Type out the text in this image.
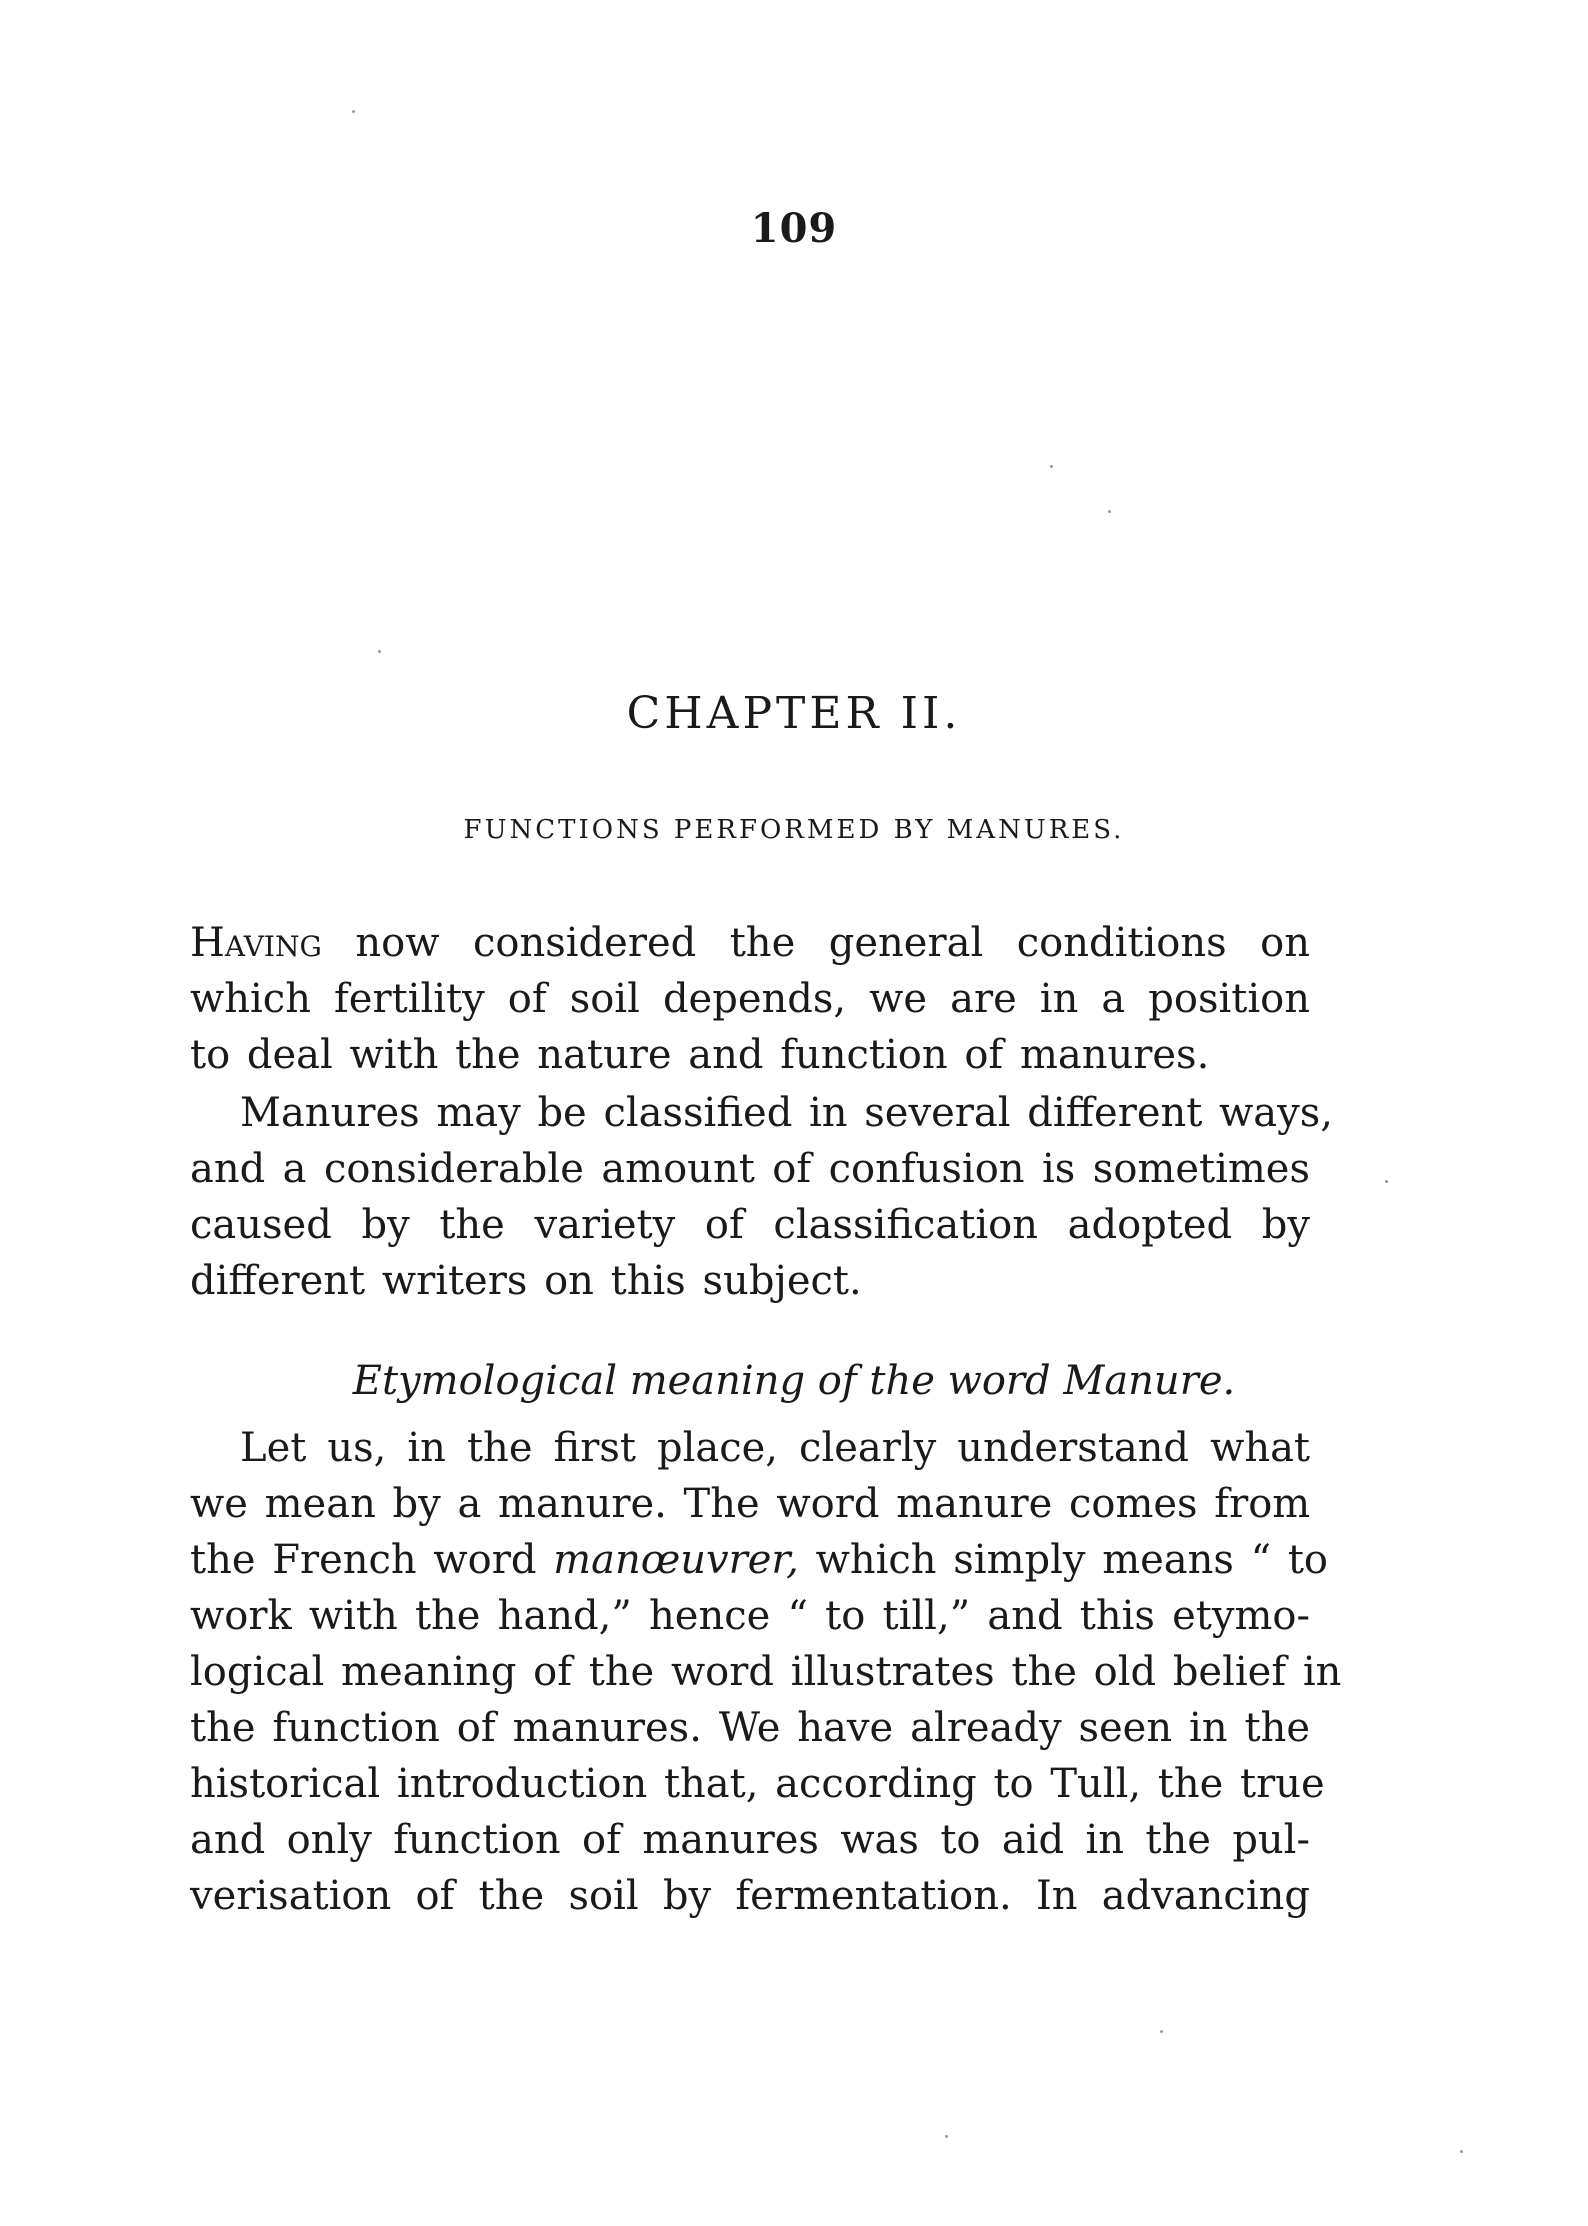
109
CHAPTER II.
FUNCTIONS PERFORMED BY MANURES.
Having now considered the general conditions on
which fertility of soil depends, we are in a position
to deal with the nature and function of manures.
Manures may be classified in several different ways,
and a considerable amount of confusion is sometimes
caused by the variety of classification adopted by
different writers on this subject.
Etymological meaning of the word Manure.
Let us, in the first place, clearly understand what
we mean by a manure. The word manure comes from
the French word manœuvrer, which simply means “ to
work with the hand,” hence “ to till,” and this etymo-
logical meaning of the word illustrates the old belief in
the function of manures. We have already seen in the
historical introduction that, according to Tull, the true
and only function of manures was to aid in the pul-
verisation of the soil by fermentation. In advancing
